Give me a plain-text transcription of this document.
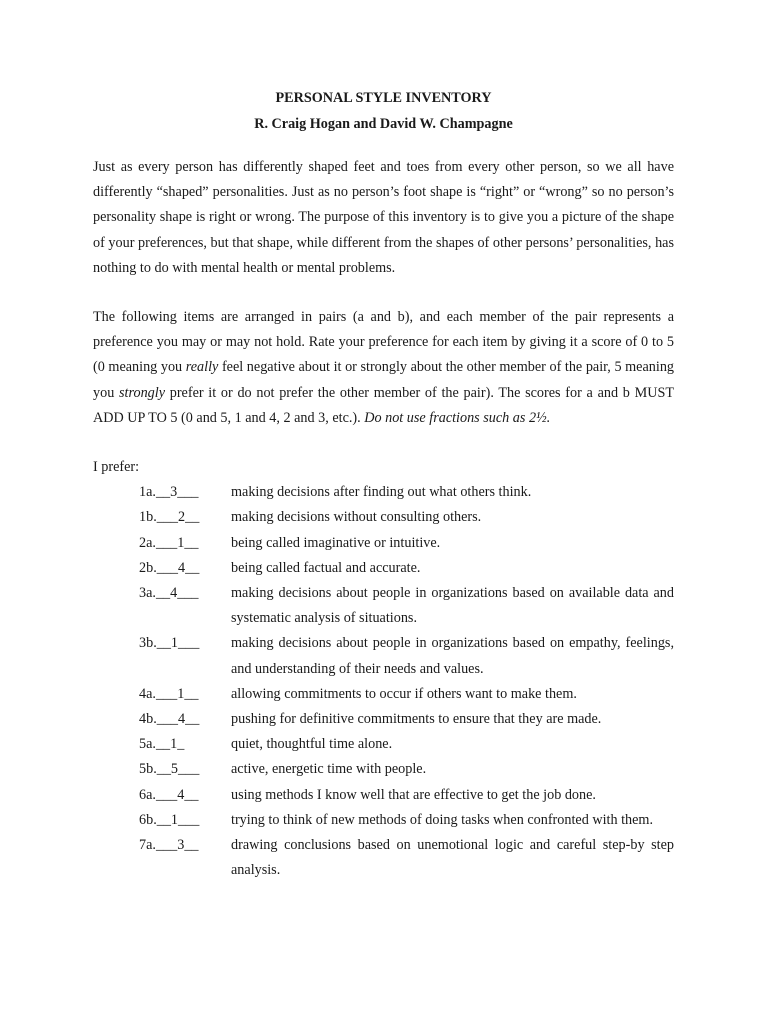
PERSONAL STYLE INVENTORY

R. Craig Hogan and David W. Champagne

Just as every person has differently shaped feet and toes from every other person, so we all have differently “shaped” personalities. Just as no person’s foot shape is “right” or “wrong” so no person’s personality shape is right or wrong. The purpose of this inventory is to give you a picture of the shape of your preferences, but that shape, while different from the shapes of other persons’ personalities, has nothing to do with mental health or mental problems.

The following items are arranged in pairs (a and b), and each member of the pair represents a preference you may or may not hold. Rate your preference for each item by giving it a score of 0 to 5 (0 meaning you really feel negative about it or strongly about the other member of the pair, 5 meaning you strongly prefer it or do not prefer the other member of the pair). The scores for a and b MUST ADD UP TO 5 (0 and 5, 1 and 4, 2 and 3, etc.). Do not use fractions such as 2½.

I prefer:

1a.__3___	making decisions after finding out what others think.
1b.___2__	making decisions without consulting others.
2a.___1__	being called imaginative or intuitive.
2b.___4__	being called factual and accurate.
3a.__4___	making decisions about people in organizations based on available data and systematic analysis of situations.
3b.__1___	making decisions about people in organizations based on empathy, feelings, and understanding of their needs and values.
4a.___1__	allowing commitments to occur if others want to make them.
4b.___4__	pushing for definitive commitments to ensure that they are made.
5a.__1_	quiet, thoughtful time alone.
5b.__5___	active, energetic time with people.
6a.___4__	using methods I know well that are effective to get the job done.
6b.__1___	trying to think of new methods of doing tasks when confronted with them.
7a.___3__	drawing conclusions based on unemotional logic and careful step-by step analysis.
